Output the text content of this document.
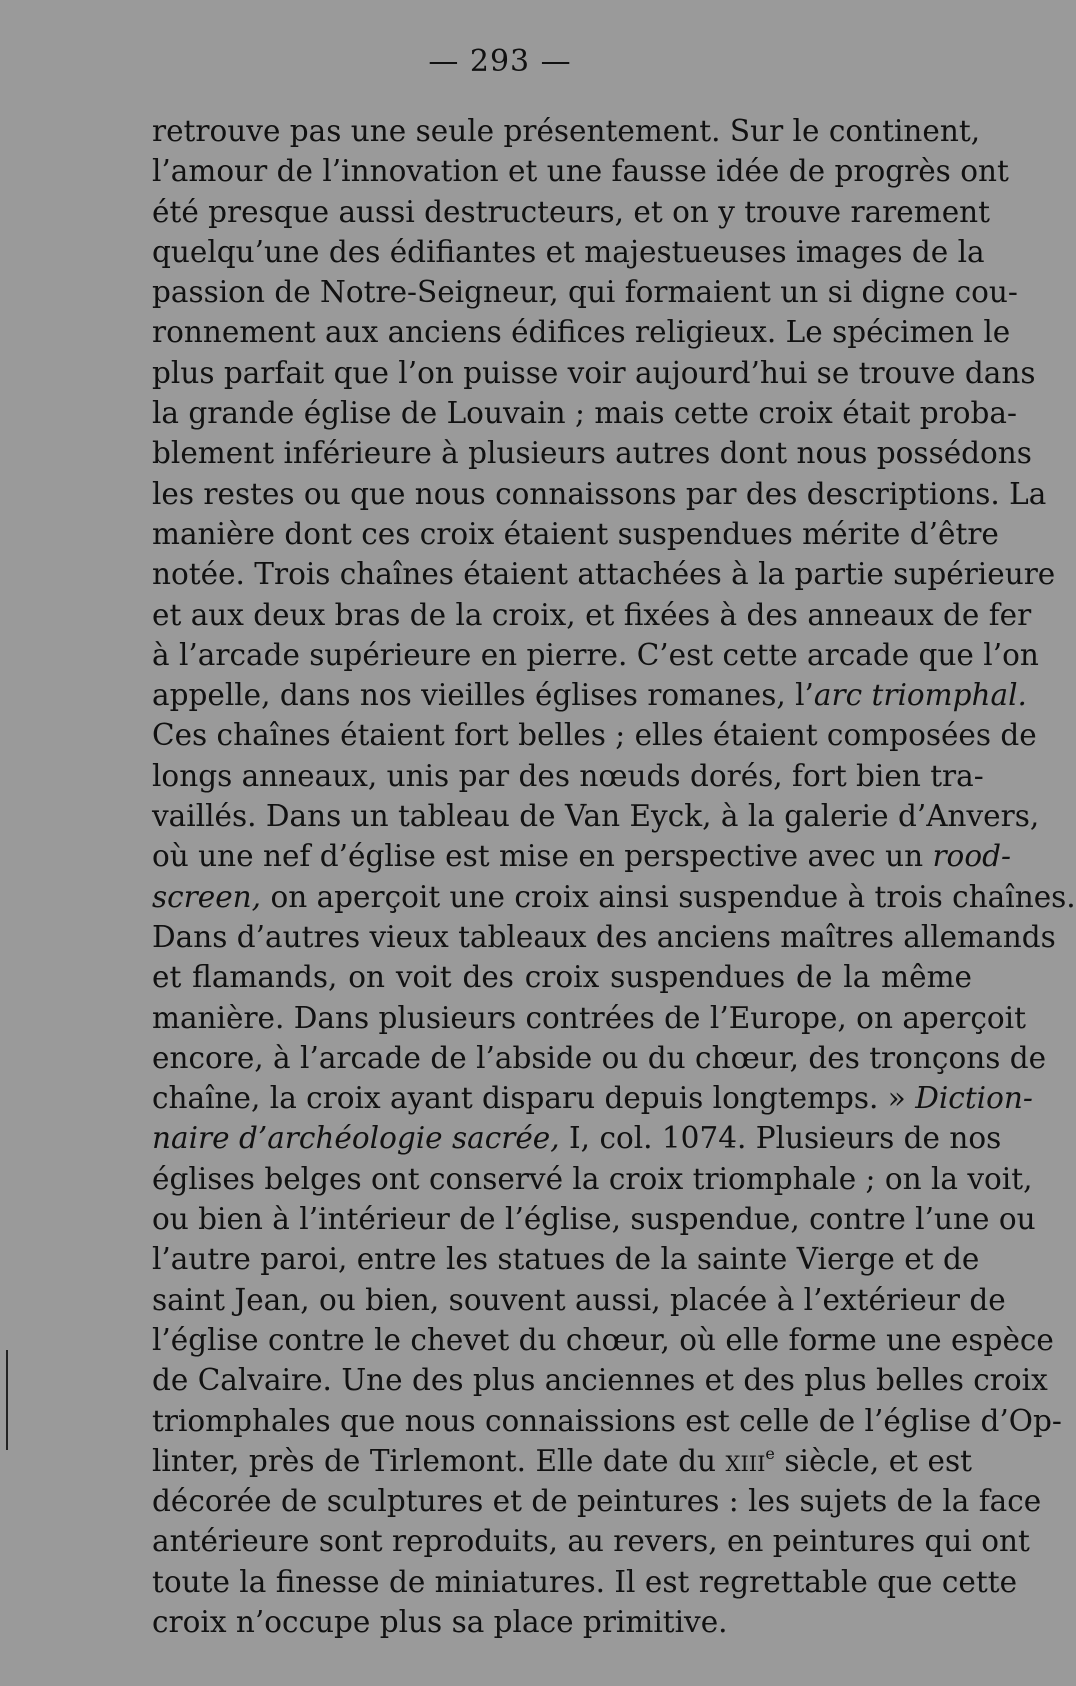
— 293 —
retrouve pas une seule présentement. Sur le continent,
l’amour de l’innovation et une fausse idée de progrès ont
été presque aussi destructeurs, et on y trouve rarement
quelqu’une des édifiantes et majestueuses images de la
passion de Notre-Seigneur, qui formaient un si digne cou-
ronnement aux anciens édifices religieux. Le spécimen le
plus parfait que l’on puisse voir aujourd’hui se trouve dans
la grande église de Louvain ; mais cette croix était proba-
blement inférieure à plusieurs autres dont nous possédons
les restes ou que nous connaissons par des descriptions. La
manière dont ces croix étaient suspendues mérite d’être
notée. Trois chaînes étaient attachées à la partie supérieure
et aux deux bras de la croix, et fixées à des anneaux de fer
à l’arcade supérieure en pierre. C’est cette arcade que l’on
appelle, dans nos vieilles églises romanes, l’arc triomphal.
Ces chaînes étaient fort belles ; elles étaient composées de
longs anneaux, unis par des nœuds dorés, fort bien tra-
vaillés. Dans un tableau de Van Eyck, à la galerie d’Anvers,
où une nef d’église est mise en perspective avec un rood-
screen, on aperçoit une croix ainsi suspendue à trois chaînes.
Dans d’autres vieux tableaux des anciens maîtres allemands
et flamands, on voit des croix suspendues de la même
manière. Dans plusieurs contrées de l’Europe, on aperçoit
encore, à l’arcade de l’abside ou du chœur, des tronçons de
chaîne, la croix ayant disparu depuis longtemps. » Diction-
naire d’archéologie sacrée, I, col. 1074. Plusieurs de nos
églises belges ont conservé la croix triomphale ; on la voit,
ou bien à l’intérieur de l’église, suspendue, contre l’une ou
l’autre paroi, entre les statues de la sainte Vierge et de
saint Jean, ou bien, souvent aussi, placée à l’extérieur de
l’église contre le chevet du chœur, où elle forme une espèce
de Calvaire. Une des plus anciennes et des plus belles croix
triomphales que nous connaissions est celle de l’église d’Op-
linter, près de Tirlemont. Elle date du xiii$^e$ siècle, et est
décorée de sculptures et de peintures : les sujets de la face
antérieure sont reproduits, au revers, en peintures qui ont
toute la finesse de miniatures. Il est regrettable que cette
croix n’occupe plus sa place primitive.
